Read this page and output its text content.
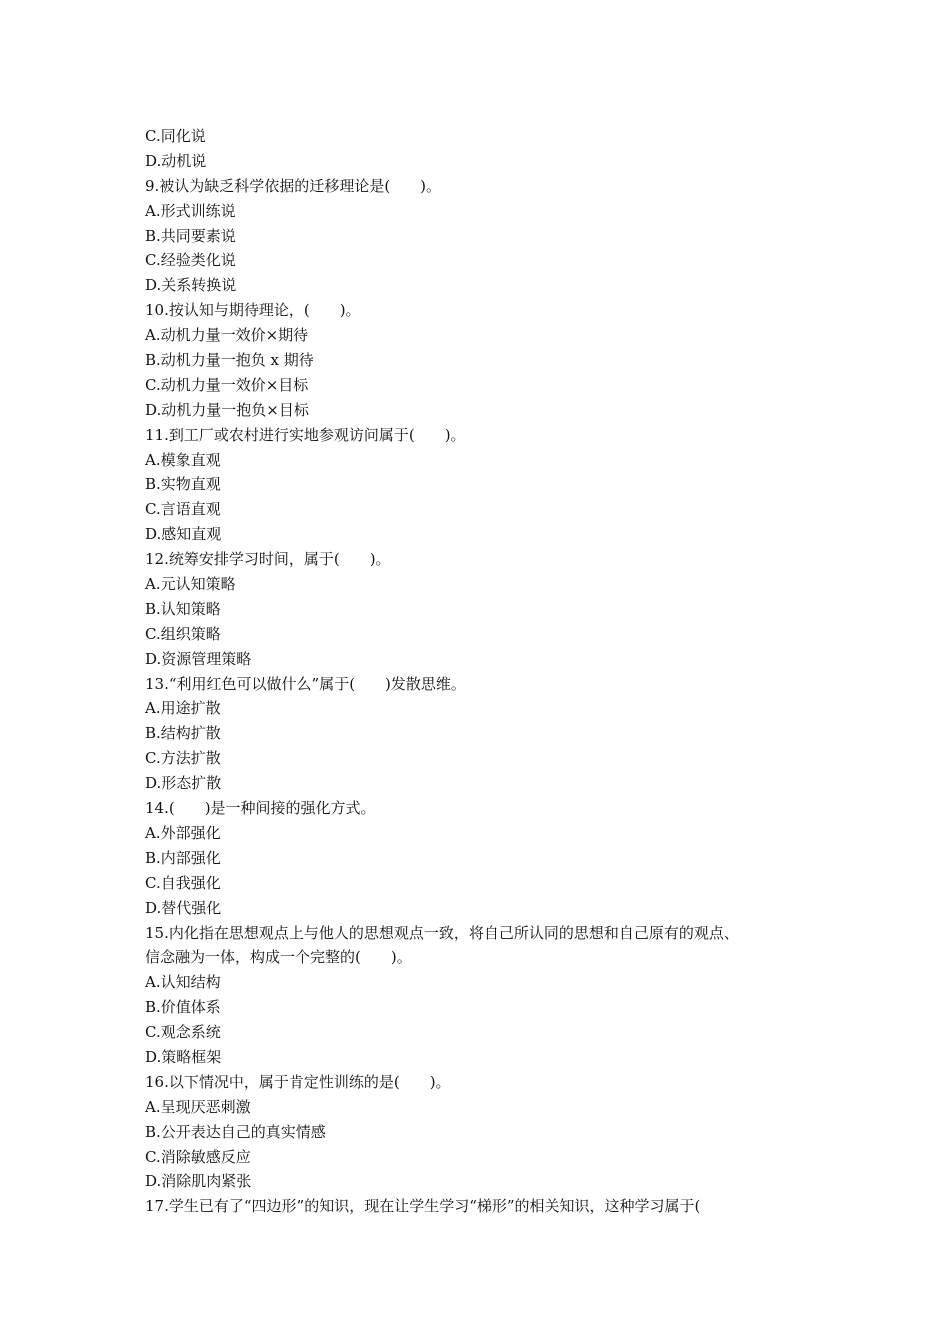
C.同化说
D.动机说
9.被认为缺乏科学依据的迁移理论是(　　)。
A.形式训练说
B.共同要素说
C.经验类化说
D.关系转换说
10.按认知与期待理论，(　　)。
A.动机力量一效价×期待
B.动机力量一抱负 x 期待
C.动机力量一效价×目标
D.动机力量一抱负×目标
11.到工厂或农村进行实地参观访问属于(　　)。
A.模象直观
B.实物直观
C.言语直观
D.感知直观
12.统筹安排学习时间，属于(　　)。
A.元认知策略
B.认知策略
C.组织策略
D.资源管理策略
13.“利用红色可以做什么”属于(　　)发散思维。
A.用途扩散
B.结构扩散
C.方法扩散
D.形态扩散
14.(　　)是一种间接的强化方式。
A.外部强化
B.内部强化
C.自我强化
D.替代强化
15.内化指在思想观点上与他人的思想观点一致，将自己所认同的思想和自己原有的观点、
信念融为一体，构成一个完整的(　　)。
A.认知结构
B.价值体系
C.观念系统
D.策略框架
16.以下情况中，属于肯定性训练的是(　　)。
A.呈现厌恶刺激
B.公开表达自己的真实情感
C.消除敏感反应
D.消除肌肉紧张
17.学生已有了“四边形”的知识，现在让学生学习“梯形”的相关知识，这种学习属于(
